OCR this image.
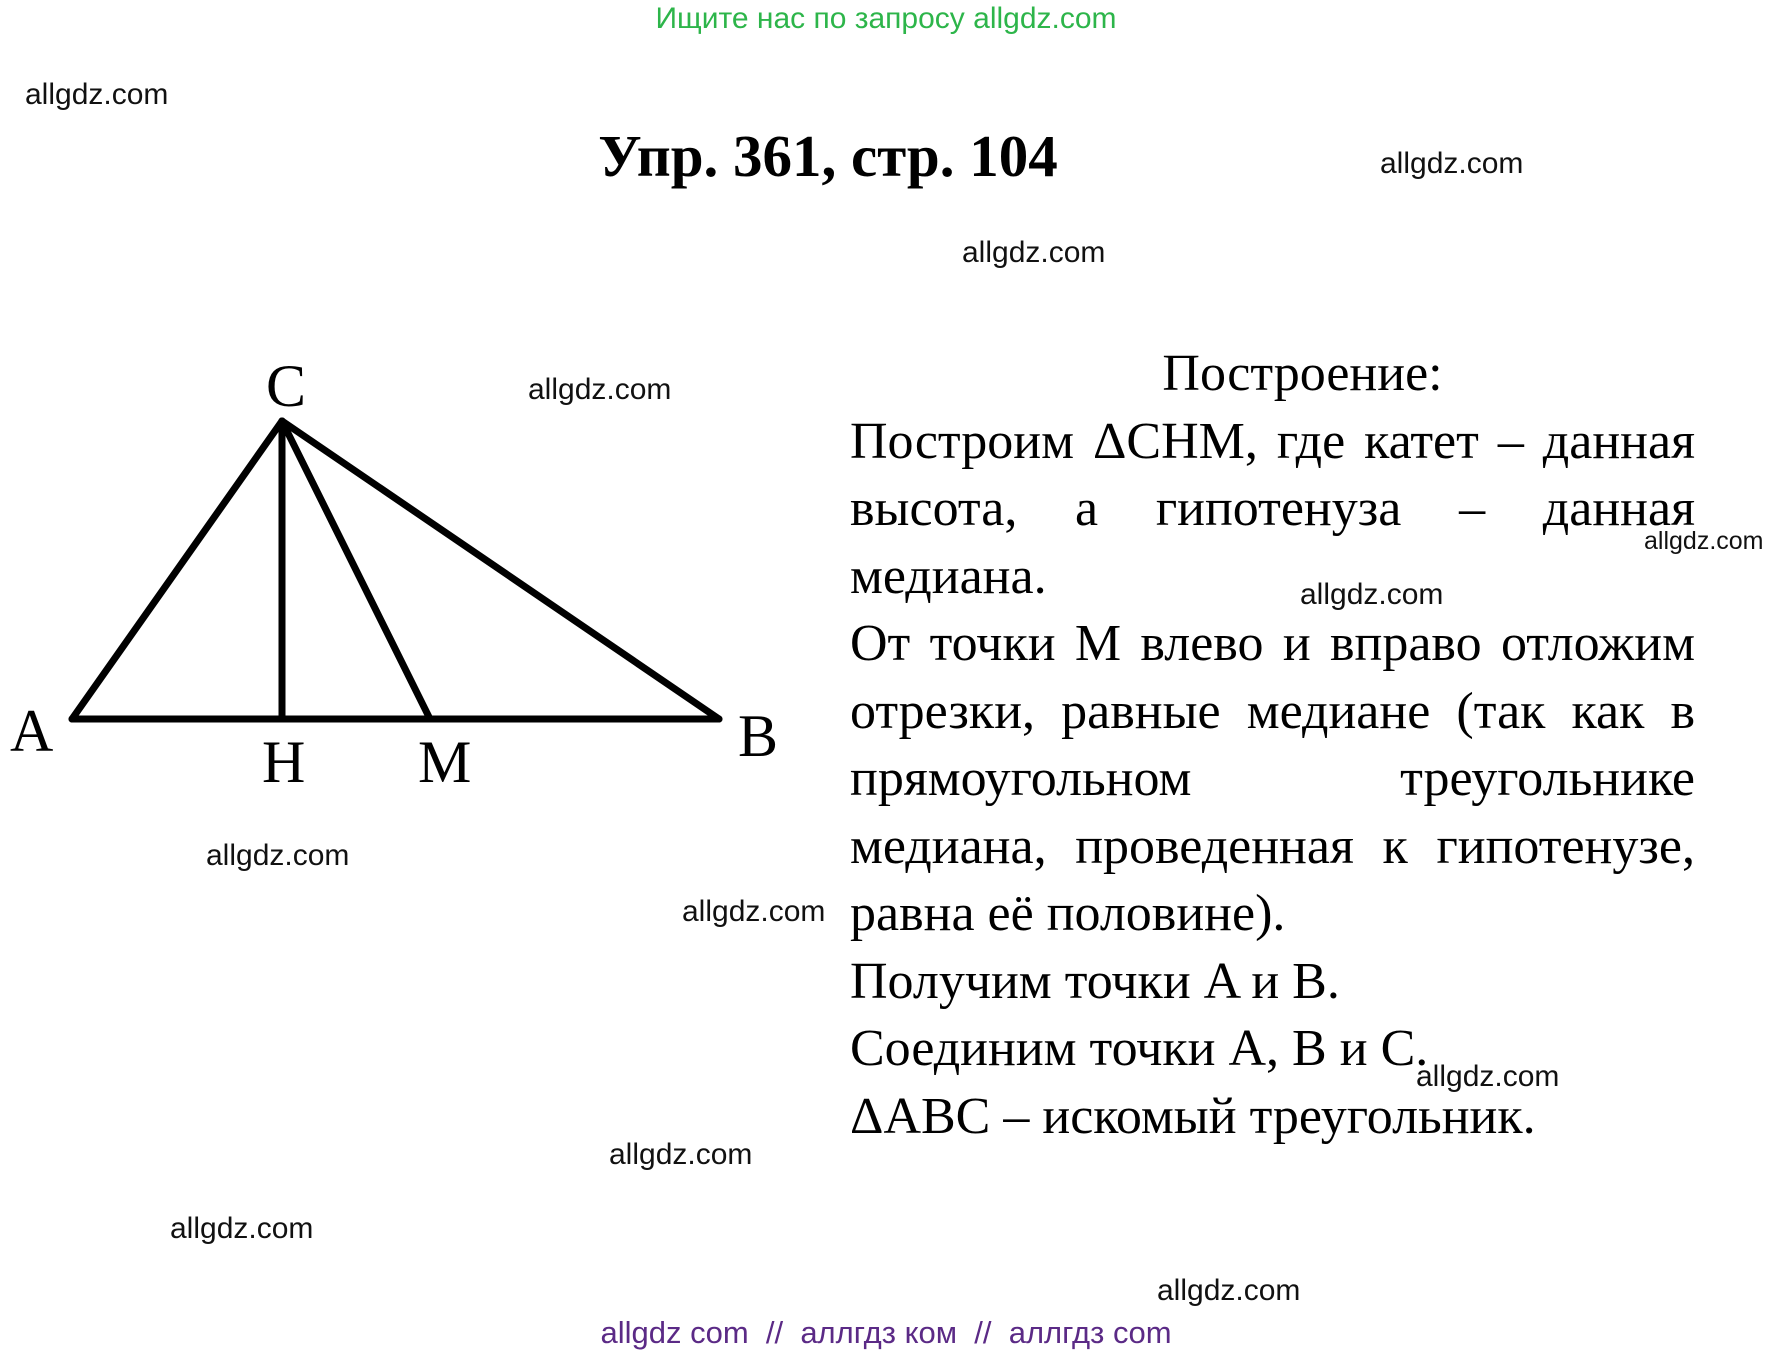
Ищите нас по запросу allgdz.com
allgdz.com
allgdz.com
allgdz.com
allgdz.com
allgdz.com
allgdz.com
allgdz.com
allgdz.com
allgdz.com
allgdz.com
allgdz.com
allgdz.com
Упр. 361, стр. 104
C
A	H M	B
Построение:
Построим ΔCHM, где катет – данная высота, а гипотенуза – данная медиана.
От точки M влево и вправо отложим отрезки, равные медиане (так как в прямоугольном треугольнике медиана, проведенная к гипотенузе, равна её половине).
Получим точки A и B.
Соединим точки A, B и C.
ΔABC – искомый треугольник.
allgdz com  //  аллгдз ком  //  аллгдз com
